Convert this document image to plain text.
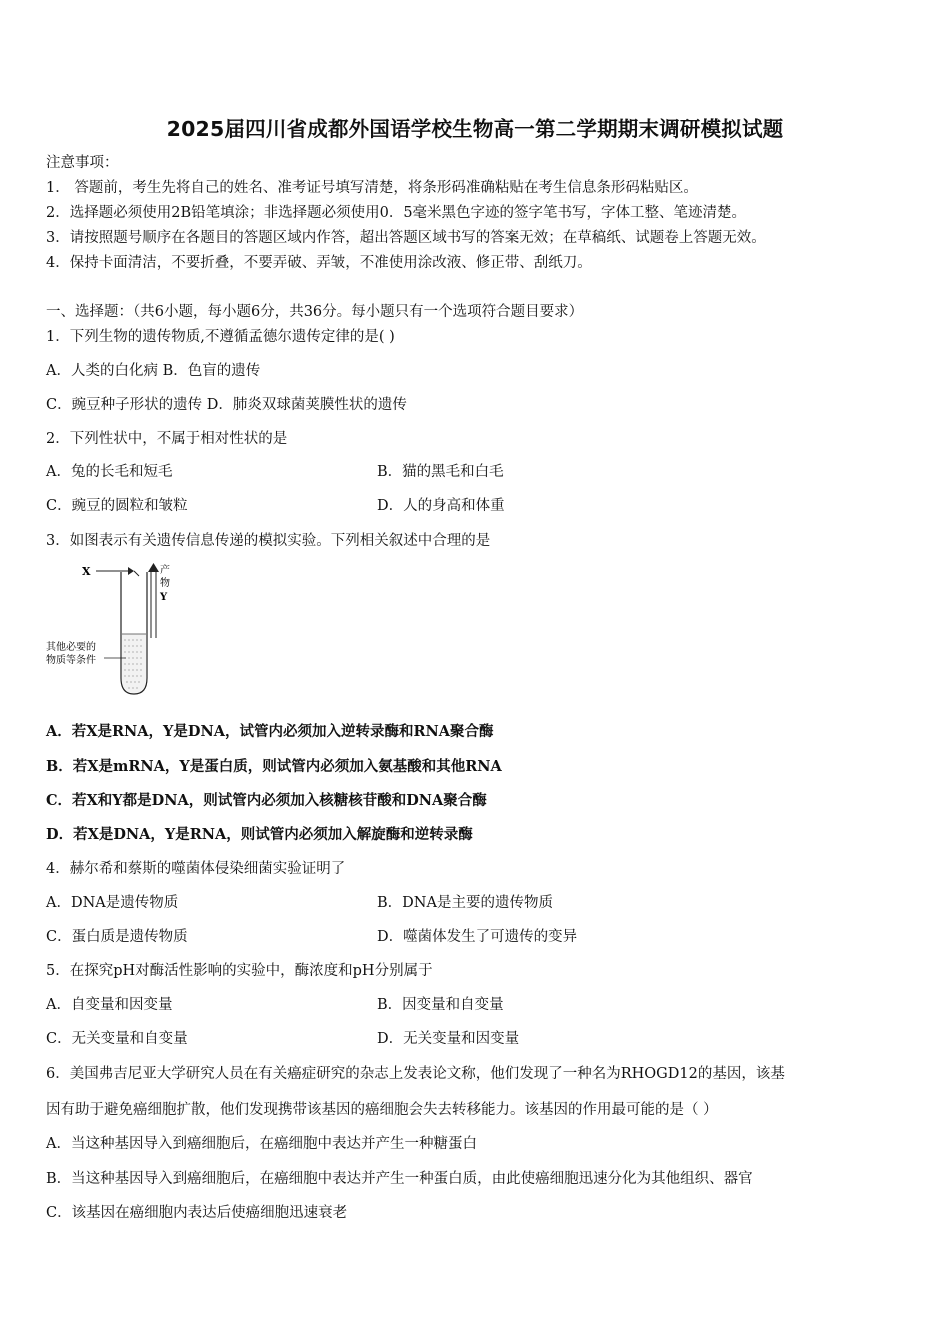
2025届四川省成都外国语学校生物高一第二学期期末调研模拟试题
注意事项：
1． 答题前，考生先将自己的姓名、准考证号填写清楚，将条形码准确粘贴在考生信息条形码粘贴区。
2．选择题必须使用2B铅笔填涂；非选择题必须使用0．5毫米黑色字迹的签字笔书写，字体工整、笔迹清楚。
3．请按照题号顺序在各题目的答题区域内作答，超出答题区域书写的答案无效；在草稿纸、试题卷上答题无效。
4．保持卡面清洁，不要折叠，不要弄破、弄皱，不准使用涂改液、修正带、刮纸刀。
一、选择题：（共6小题，每小题6分，共36分。每小题只有一个选项符合题目要求）
1．下列生物的遗传物质,不遵循孟德尔遗传定律的是( )
A．人类的白化病 B．色盲的遗传
C．豌豆种子形状的遗传 D．肺炎双球菌荚膜性状的遗传
2．下列性状中，不属于相对性状的是
A．兔的长毛和短毛	B．猫的黑毛和白毛
C．豌豆的圆粒和皱粒	D．人的身高和体重
3．如图表示有关遗传信息传递的模拟实验。下列相关叙述中合理的是
X	产
物
Y
其他必要的
物质等条件
A．若X是RNA，Y是DNA，试管内必须加入逆转录酶和RNA聚合酶
B．若X是mRNA，Y是蛋白质，则试管内必须加入氨基酸和其他RNA
C．若X和Y都是DNA，则试管内必须加入核糖核苷酸和DNA聚合酶
D．若X是DNA，Y是RNA，则试管内必须加入解旋酶和逆转录酶
4．赫尔希和蔡斯的噬菌体侵染细菌实验证明了
A．DNA是遗传物质	B．DNA是主要的遗传物质
C．蛋白质是遗传物质	D．噬菌体发生了可遗传的变异
5．在探究pH对酶活性影响的实验中，酶浓度和pH分别属于
A．自变量和因变量	B．因变量和自变量
C．无关变量和自变量	D．无关变量和因变量
6．美国弗吉尼亚大学研究人员在有关癌症研究的杂志上发表论文称，他们发现了一种名为RHOGD12的基因，该基
因有助于避免癌细胞扩散，他们发现携带该基因的癌细胞会失去转移能力。该基因的作用最可能的是（ ）
A．当这种基因导入到癌细胞后，在癌细胞中表达并产生一种糖蛋白
B．当这种基因导入到癌细胞后，在癌细胞中表达并产生一种蛋白质，由此使癌细胞迅速分化为其他组织、器官
C．该基因在癌细胞内表达后使癌细胞迅速衰老
